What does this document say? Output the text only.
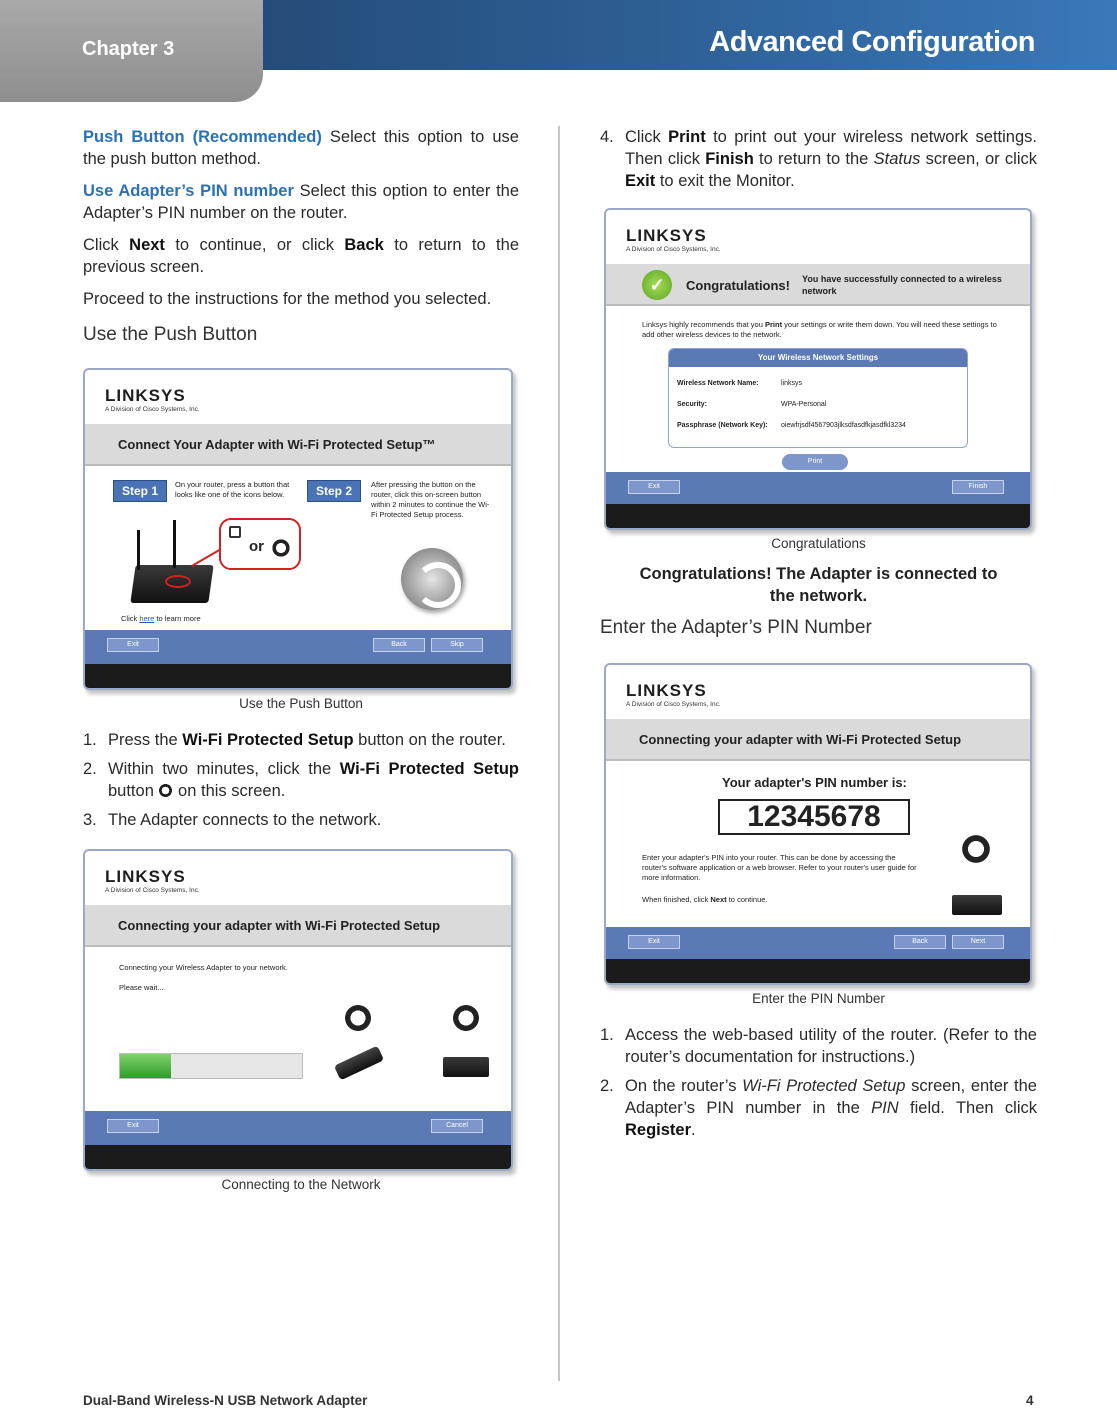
Chapter 3	Advanced Configuration

Push Button (Recommended) Select this option to use the push button method.

Use Adapter’s PIN number Select this option to enter the Adapter’s PIN number on the router.

Click Next to continue, or click Back to return to the previous screen.

Proceed to the instructions for the method you selected.

Use the Push Button
LINKSYS
A Division of Cisco Systems, Inc.
Connect Your Adapter with Wi-Fi Protected Setup™
Step 1	On your router, press a button that looks like one of the icons below.	Step 2	After pressing the button on the router, click this on-screen button within 2 minutes to continue the Wi-Fi Protected Setup process.
or
Click here to learn more
Exit	Back	Skip
Use the Push Button
1. Press the Wi-Fi Protected Setup button on the router.
2. Within two minutes, click the Wi-Fi Protected Setup button  on this screen.
3. The Adapter connects to the network.
LINKSYS
A Division of Cisco Systems, Inc.
Connecting your adapter with Wi-Fi Protected Setup
Connecting your Wireless Adapter to your network.
Please wait...
Exit	Cancel
Connecting to the Network
4. Click Print to print out your wireless network settings. Then click Finish to return to the Status screen, or click Exit to exit the Monitor.
LINKSYS
A Division of Cisco Systems, Inc.
✓	Congratulations! You have successfully connected to a wireless network
Linksys highly recommends that you Print your settings or write them down. You will need these settings to add other wireless devices to the network.
Your Wireless Network Settings
Wireless Network Name:	linksys
Security:	WPA-Personal
Passphrase (Network Key):	oiewfrjsdf4567903jlksdfasdfkjasdfkl3234
Print
Exit	Finish
Congratulations
Congratulations! The Adapter is connected to the network.
Enter the Adapter’s PIN Number
LINKSYS
A Division of Cisco Systems, Inc.
Connecting your adapter with Wi-Fi Protected Setup
Your adapter's PIN number is:
12345678
Enter your adapter's PIN into your router. This can be done by accessing the router's software application or a web browser. Refer to your router's user guide for more information.
When finished, click Next to continue.
Exit	Back	Next
Enter the PIN Number
1. Access the web-based utility of the router. (Refer to the router’s documentation for instructions.)
2. On the router’s Wi-Fi Protected Setup screen, enter the Adapter’s PIN number in the PIN field. Then click Register.
Dual-Band Wireless-N USB Network Adapter	4
